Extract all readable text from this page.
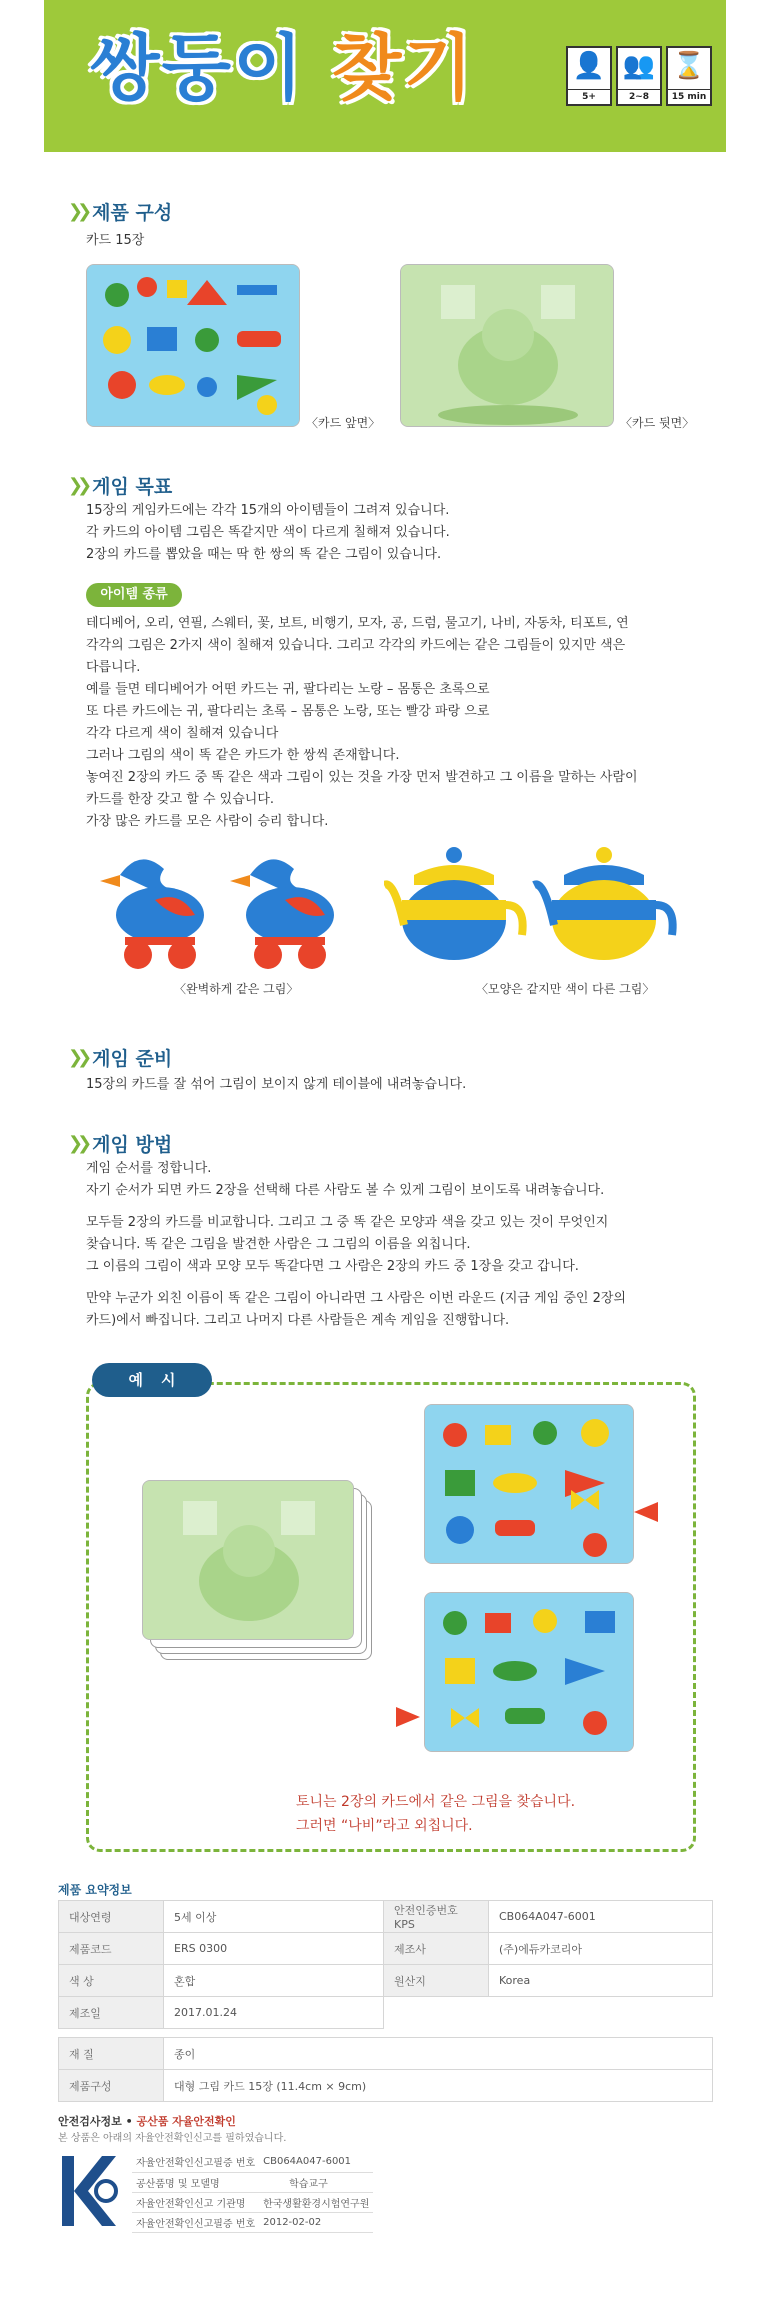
쌍둥이 찾기	👤
5+
👥
2~8
⌛
15 min
❯❯ 제품 구성
카드 15장
〈카드 앞면〉	〈카드 뒷면〉
❯❯ 게임 목표
15장의 게임카드에는 각각 15개의 아이템들이 그려져 있습니다.
각 카드의 아이템 그림은 똑같지만 색이 다르게 칠해져 있습니다.
2장의 카드를 뽑았을 때는 딱 한 쌍의 똑 같은 그림이 있습니다.
아이템 종류
테디베어, 오리, 연필, 스웨터, 꽃, 보트, 비행기, 모자, 공, 드럼, 물고기, 나비, 자동차, 티포트, 연
각각의 그림은 2가지 색이 칠해져 있습니다. 그리고 각각의 카드에는 같은 그림들이 있지만 색은
다릅니다.
예를 들면 테디베어가 어떤 카드는 귀, 팔다리는 노랑 – 몸통은 초록으로
또 다른 카드에는 귀, 팔다리는 초록 – 몸통은 노랑, 또는 빨강 파랑 으로
각각 다르게 색이 칠해져 있습니다
그러나 그림의 색이 똑 같은 카드가 한 쌍씩 존재합니다.
놓여진 2장의 카드 중 똑 같은 색과 그림이 있는 것을 가장 먼저 발견하고 그 이름을 말하는 사람이
카드를 한장 갖고 할 수 있습니다.
가장 많은 카드를 모은 사람이 승리 합니다.
〈완벽하게 같은 그림〉	〈모양은 같지만 색이 다른 그림〉
❯❯ 게임 준비
15장의 카드를 잘 섞어 그림이 보이지 않게 테이블에 내려놓습니다.
❯❯ 게임 방법
게임 순서를 정합니다.
자기 순서가 되면 카드 2장을 선택해 다른 사람도 볼 수 있게 그림이 보이도록 내려놓습니다.
모두들 2장의 카드를 비교합니다. 그리고 그 중 똑 같은 모양과 색을 갖고 있는 것이 무엇인지
찾습니다. 똑 같은 그림을 발견한 사람은 그 그림의 이름을 외칩니다.
그 이름의 그림이 색과 모양 모두 똑같다면 그 사람은 2장의 카드 중 1장을 갖고 갑니다.
만약 누군가 외친 이름이 똑 같은 그림이 아니라면 그 사람은 이번 라운드 (지금 게임 중인 2장의
카드)에서 빠집니다. 그리고 나머지 다른 사람들은 계속 게임을 진행합니다.
예시
토니는 2장의 카드에서 같은 그림을 찾습니다.
그러면 “나비”라고 외칩니다.
제품 요약정보
대상연령	5세 이상	안전인증번호KPS	CB064A047-6001
제품코드	ERS 0300	제조사	(주)에듀카코리아
색 상	혼합	원산지	Korea
제조일	2017.01.24		
재 질	종이
제품구성	대형 그림 카드 15장 (11.4cm × 9cm)
안전검사정보 • 공산품 자율안전확인
본 상품은 아래의 자율안전확인신고를 필하였습니다.
자율안전확인신고필증 번호	CB064A047-6001
공산품명 및 모델명	학습교구
자율안전확인신고 기관명	한국생활환경시험연구원
자율안전확인신고필증 번호	2012-02-02
